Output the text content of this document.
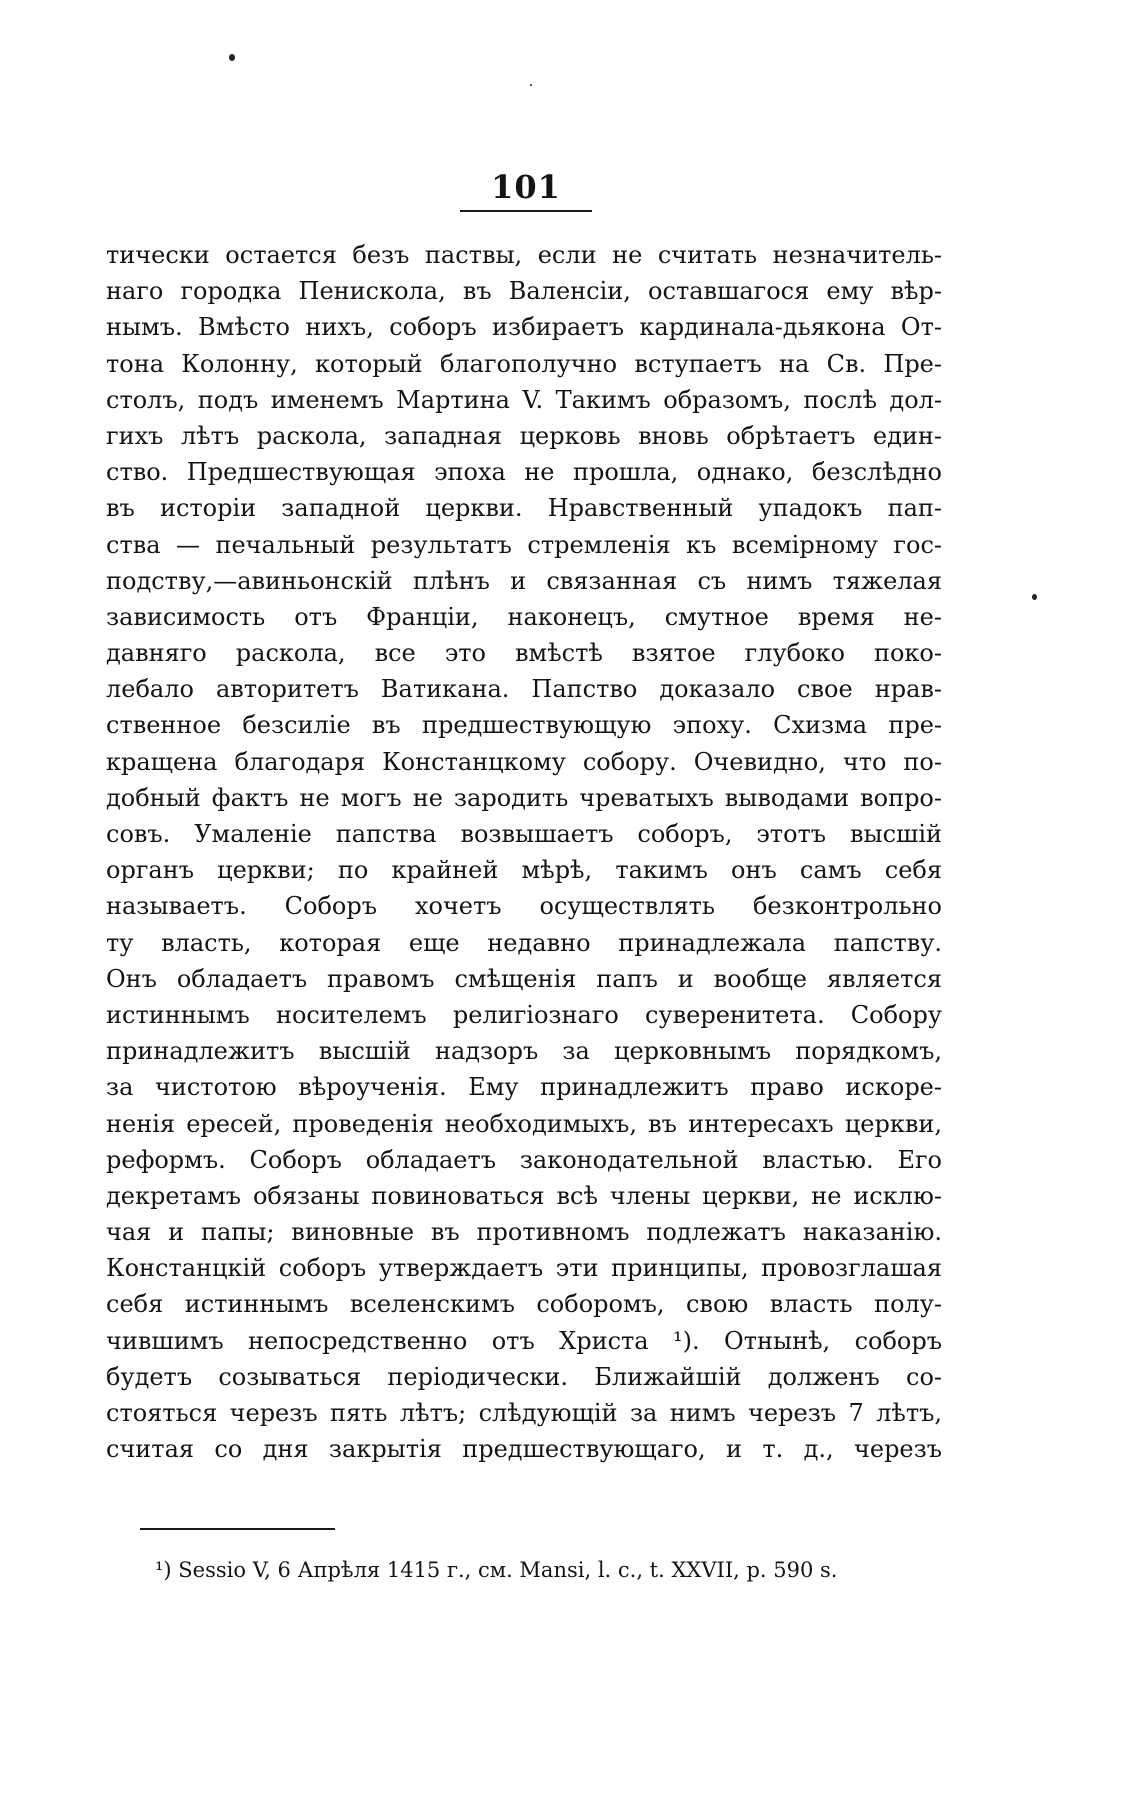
101
тически остается безъ паствы, если не считать незначитель-
наго городка Пенискола, въ Валенсіи, оставшагося ему вѣр-
нымъ. Вмѣсто нихъ, соборъ избираетъ кардинала-дьякона От-
тона Колонну, который благополучно вступаетъ на Св. Пре-
столъ, подъ именемъ Мартина V. Такимъ образомъ, послѣ дол-
гихъ лѣтъ раскола, западная церковь вновь обрѣтаетъ един-
ство. Предшествующая эпоха не прошла, однако, безслѣдно
въ исторіи западной церкви. Нравственный упадокъ пап-
ства — печальный результатъ стремленія къ всемірному гос-
подству,—авиньонскій плѣнъ и связанная съ нимъ тяжелая
зависимость отъ Франціи, наконецъ, смутное время не-
давняго раскола, все это вмѣстѣ взятое глубоко поко-
лебало авторитетъ Ватикана. Папство доказало свое нрав-
ственное безсиліе въ предшествующую эпоху. Схизма пре-
кращена благодаря Констанцкому собору. Очевидно, что по-
добный фактъ не могъ не зародить чреватыхъ выводами вопро-
совъ. Умаленіе папства возвышаетъ соборъ, этотъ высшій
органъ церкви; по крайней мѣрѣ, такимъ онъ самъ себя
называетъ. Соборъ хочетъ осуществлять безконтрольно
ту власть, которая еще недавно принадлежала папству.
Онъ обладаетъ правомъ смѣщенія папъ и вообще является
истиннымъ носителемъ религіознаго суверенитета. Собору
принадлежитъ высшій надзоръ за церковнымъ порядкомъ,
за чистотою вѣроученія. Ему принадлежитъ право искоре-
ненія ересей, проведенія необходимыхъ, въ интересахъ церкви,
реформъ. Соборъ обладаетъ законодательной властью. Его
декретамъ обязаны повиноваться всѣ члены церкви, не исклю-
чая и папы; виновные въ противномъ подлежатъ наказанію.
Констанцкій соборъ утверждаетъ эти принципы, провозглашая
себя истиннымъ вселенскимъ соборомъ, свою власть полу-
чившимъ непосредственно отъ Христа ¹). Отнынѣ, соборъ
будетъ созываться періодически. Ближайшій долженъ со-
стояться черезъ пять лѣтъ; слѣдующій за нимъ черезъ 7 лѣтъ,
считая со дня закрытія предшествующаго, и т. д., черезъ
¹) Sessio V, 6 Апрѣля 1415 г., см. Mansi, l. c., t. XXVII, p. 590 s.
